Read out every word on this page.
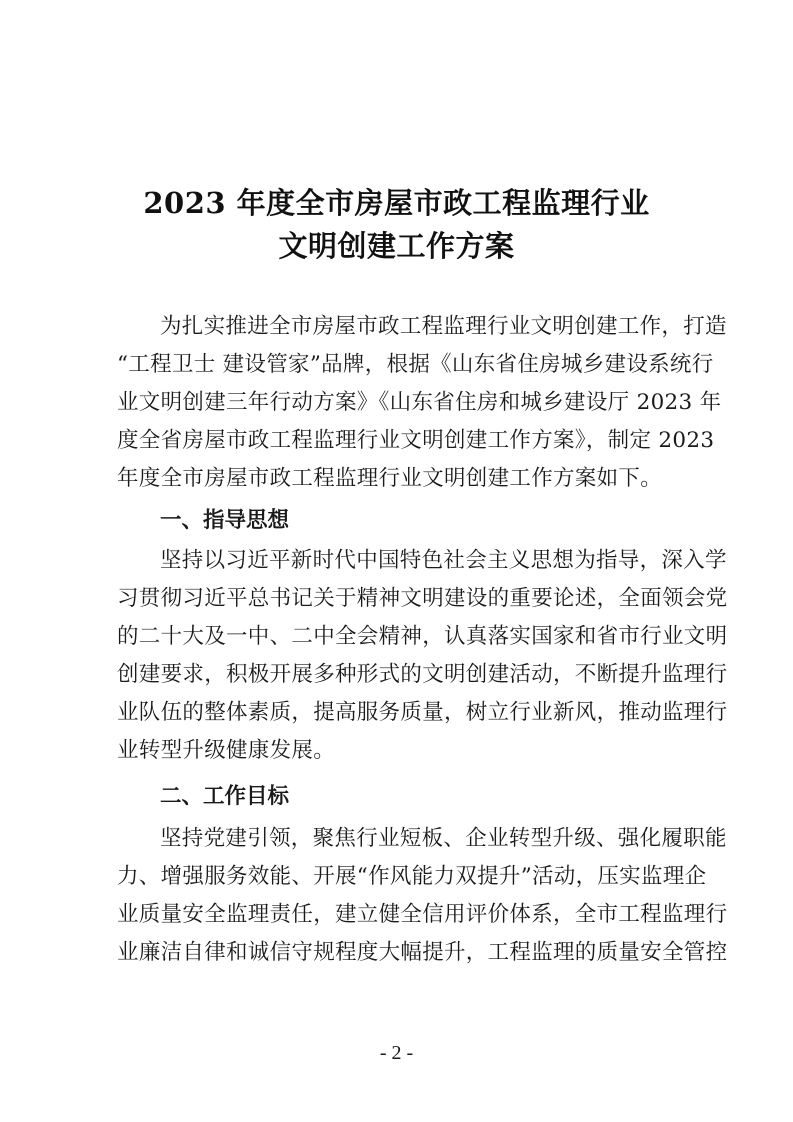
2023 年度全市房屋市政工程监理行业
文明创建工作方案
为扎实推进全市房屋市政工程监理行业文明创建工作，打造
“工程卫士 建设管家”品牌，根据《山东省住房城乡建设系统行
业文明创建三年行动方案》《山东省住房和城乡建设厅 2023 年
度全省房屋市政工程监理行业文明创建工作方案》，制定 2023
年度全市房屋市政工程监理行业文明创建工作方案如下。
一、指导思想
坚持以习近平新时代中国特色社会主义思想为指导，深入学
习贯彻习近平总书记关于精神文明建设的重要论述，全面领会党
的二十大及一中、二中全会精神，认真落实国家和省市行业文明
创建要求，积极开展多种形式的文明创建活动，不断提升监理行
业队伍的整体素质，提高服务质量，树立行业新风，推动监理行
业转型升级健康发展。
二、工作目标
坚持党建引领，聚焦行业短板、企业转型升级、强化履职能
力、增强服务效能、开展“作风能力双提升”活动，压实监理企
业质量安全监理责任，建立健全信用评价体系，全市工程监理行
业廉洁自律和诚信守规程度大幅提升，工程监理的质量安全管控
- 2 -
